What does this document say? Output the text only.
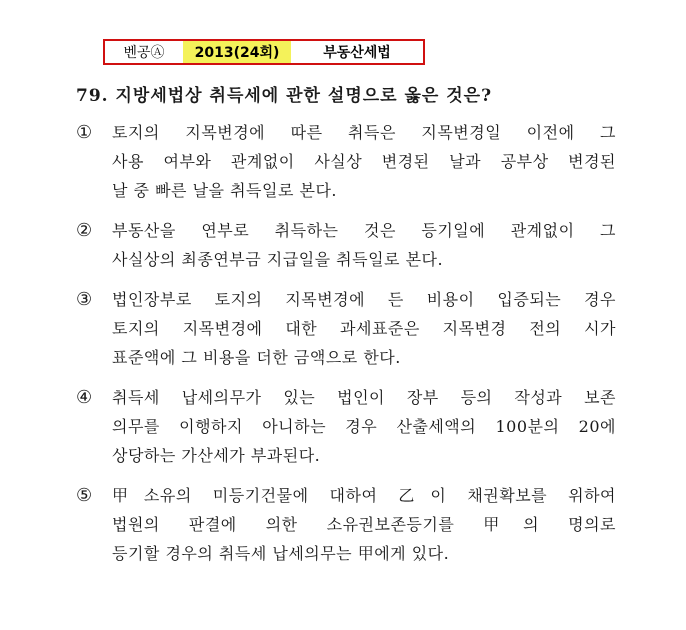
벤공Ⓐ	2013(24회)	부동산세법
79. 지방세법상 취득세에 관한 설명으로 옳은 것은?
①	토지의 지목변경에 따른 취득은 지목변경일 이전에 그
사용 여부와 관계없이 사실상 변경된 날과 공부상 변경된
날 중 빠른 날을 취득일로 본다.
②	부동산을 연부로 취득하는 것은 등기일에 관계없이 그
사실상의 최종연부금 지급일을 취득일로 본다.
③	법인장부로 토지의 지목변경에 든 비용이 입증되는 경우
토지의 지목변경에 대한 과세표준은 지목변경 전의 시가
표준액에 그 비용을 더한 금액으로 한다.
④	취득세 납세의무가 있는 법인이 장부 등의 작성과 보존
의무를 이행하지 아니하는 경우 산출세액의 100분의 20에
상당하는 가산세가 부과된다.
⑤	甲소유의 미등기건물에 대하여 乙이 채권확보를 위하여
법원의 판결에 의한 소유권보존등기를 甲의 명의로
등기할 경우의 취득세 납세의무는 甲에게 있다.
